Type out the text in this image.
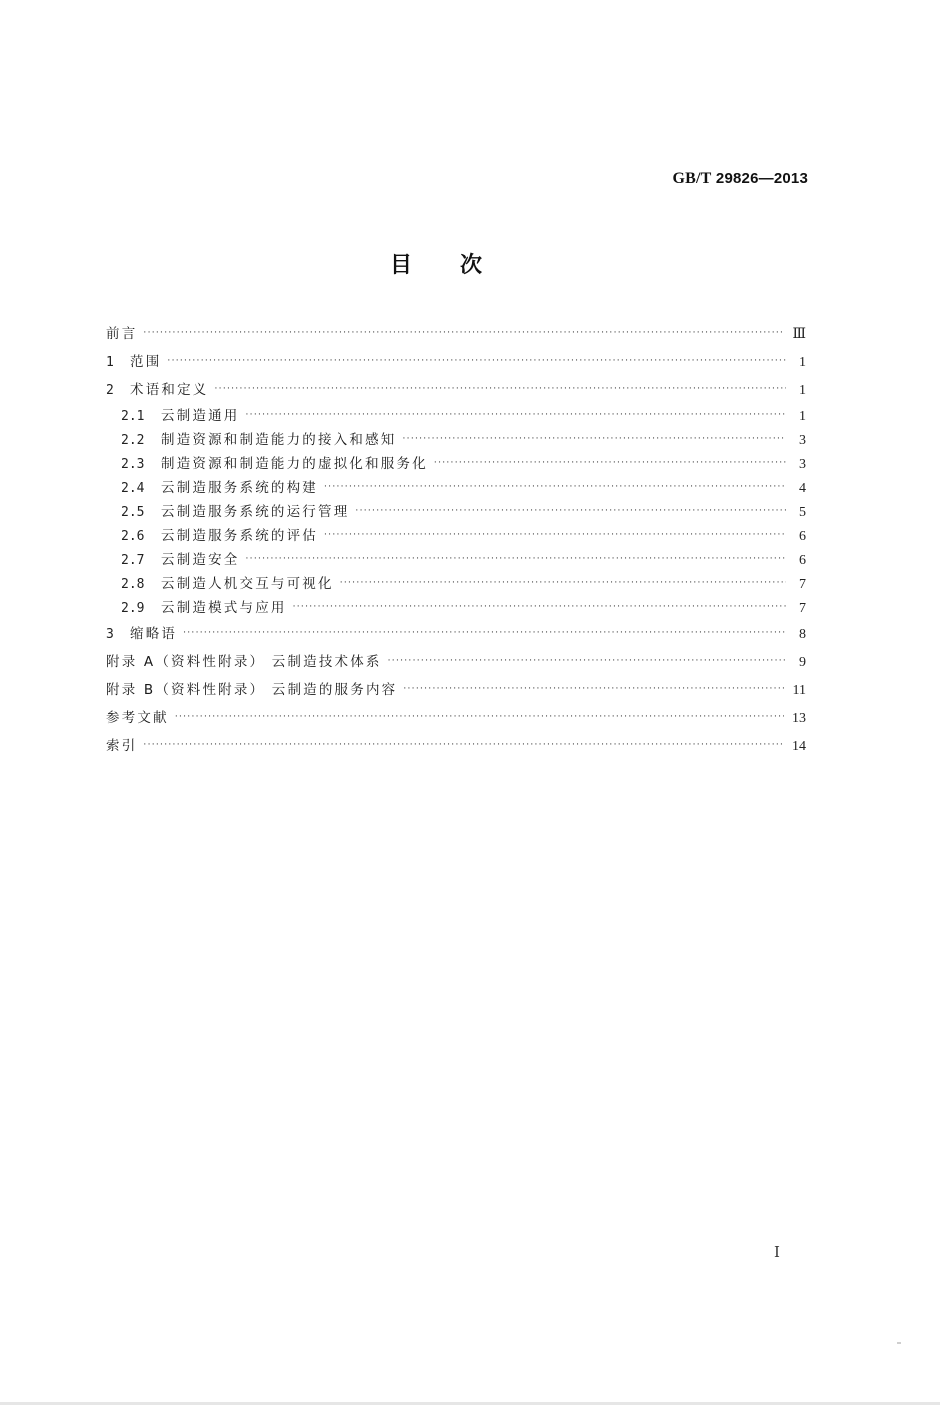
GB/T 29826—2013
目次
前言 ·····	Ⅲ
1	范围 ·····	1
2	术语和定义 ·····	1
2.1	云制造通用 ·····	1
2.2	制造资源和制造能力的接入和感知 ·····	3
2.3	制造资源和制造能力的虚拟化和服务化 ·····	3
2.4	云制造服务系统的构建 ·····	4
2.5	云制造服务系统的运行管理 ·····	5
2.6	云制造服务系统的评估 ·····	6
2.7	云制造安全 ·····	6
2.8	云制造人机交互与可视化 ·····	7
2.9	云制造模式与应用 ·····	7
3	缩略语 ·····	8
附录 A（资料性附录） 云制造技术体系 ·····	9
附录 B（资料性附录） 云制造的服务内容 ·····	11
参考文献 ·····	13
索引 ·····	14
Ⅰ
